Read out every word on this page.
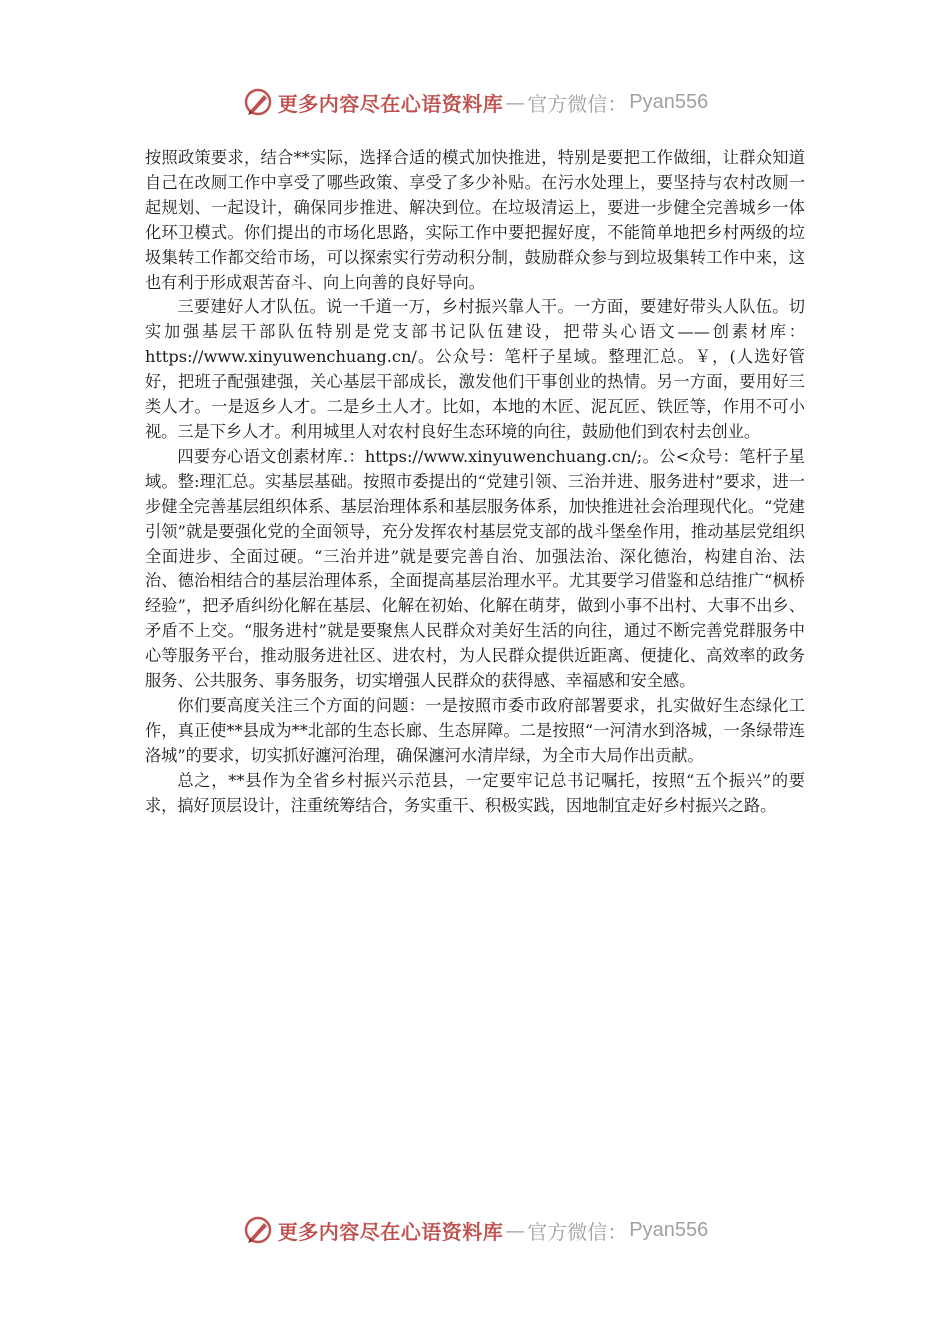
更多内容尽在心语资料库 — 官方微信： Pyan556

按照政策要求，结合**实际，选择合适的模式加快推进，特别是要把工作做细，让群众知道自己在改厕工作中享受了哪些政策、享受了多少补贴。在污水处理上，要坚持与农村改厕一起规划、一起设计，确保同步推进、解决到位。在垃圾清运上，要进一步健全完善城乡一体化环卫模式。你们提出的市场化思路，实际工作中要把握好度，不能简单地把乡村两级的垃圾集转工作都交给市场，可以探索实行劳动积分制，鼓励群众参与到垃圾集转工作中来，这也有利于形成艰苦奋斗、向上向善的良好导向。

三要建好人才队伍。说一千道一万，乡村振兴靠人干。一方面，要建好带头人队伍。切实加强基层干部队伍特别是党支部书记队伍建设，把带头心语文——创素材库：https://www.xinyuwenchuang.cn/。公众号：笔杆子星域。整理汇总。￥，(人选好管好，把班子配强建强，关心基层干部成长，激发他们干事创业的热情。另一方面，要用好三类人才。一是返乡人才。二是乡土人才。比如，本地的木匠、泥瓦匠、铁匠等，作用不可小视。三是下乡人才。利用城里人对农村良好生态环境的向往，鼓励他们到农村去创业。

四要夯心语文创素材库.：https://www.xinyuwenchuang.cn/;。公<众号：笔杆子星域。整:理汇总。实基层基础。按照市委提出的“党建引领、三治并进、服务进村”要求，进一步健全完善基层组织体系、基层治理体系和基层服务体系，加快推进社会治理现代化。“党建引领”就是要强化党的全面领导，充分发挥农村基层党支部的战斗堡垒作用，推动基层党组织全面进步、全面过硬。“三治并进”就是要完善自治、加强法治、深化德治，构建自治、法治、德治相结合的基层治理体系，全面提高基层治理水平。尤其要学习借鉴和总结推广“枫桥经验”，把矛盾纠纷化解在基层、化解在初始、化解在萌芽，做到小事不出村、大事不出乡、矛盾不上交。“服务进村”就是要聚焦人民群众对美好生活的向往，通过不断完善党群服务中心等服务平台，推动服务进社区、进农村，为人民群众提供近距离、便捷化、高效率的政务服务、公共服务、事务服务，切实增强人民群众的获得感、幸福感和安全感。

你们要高度关注三个方面的问题：一是按照市委市政府部署要求，扎实做好生态绿化工作，真正使**县成为**北部的生态长廊、生态屏障。二是按照“一河清水到洛城，一条绿带连洛城”的要求，切实抓好瀍河治理，确保瀍河水清岸绿，为全市大局作出贡献。

总之，**县作为全省乡村振兴示范县，一定要牢记总书记嘱托，按照“五个振兴”的要求，搞好顶层设计，注重统筹结合，务实重干、积极实践，因地制宜走好乡村振兴之路。

更多内容尽在心语资料库 — 官方微信： Pyan556
